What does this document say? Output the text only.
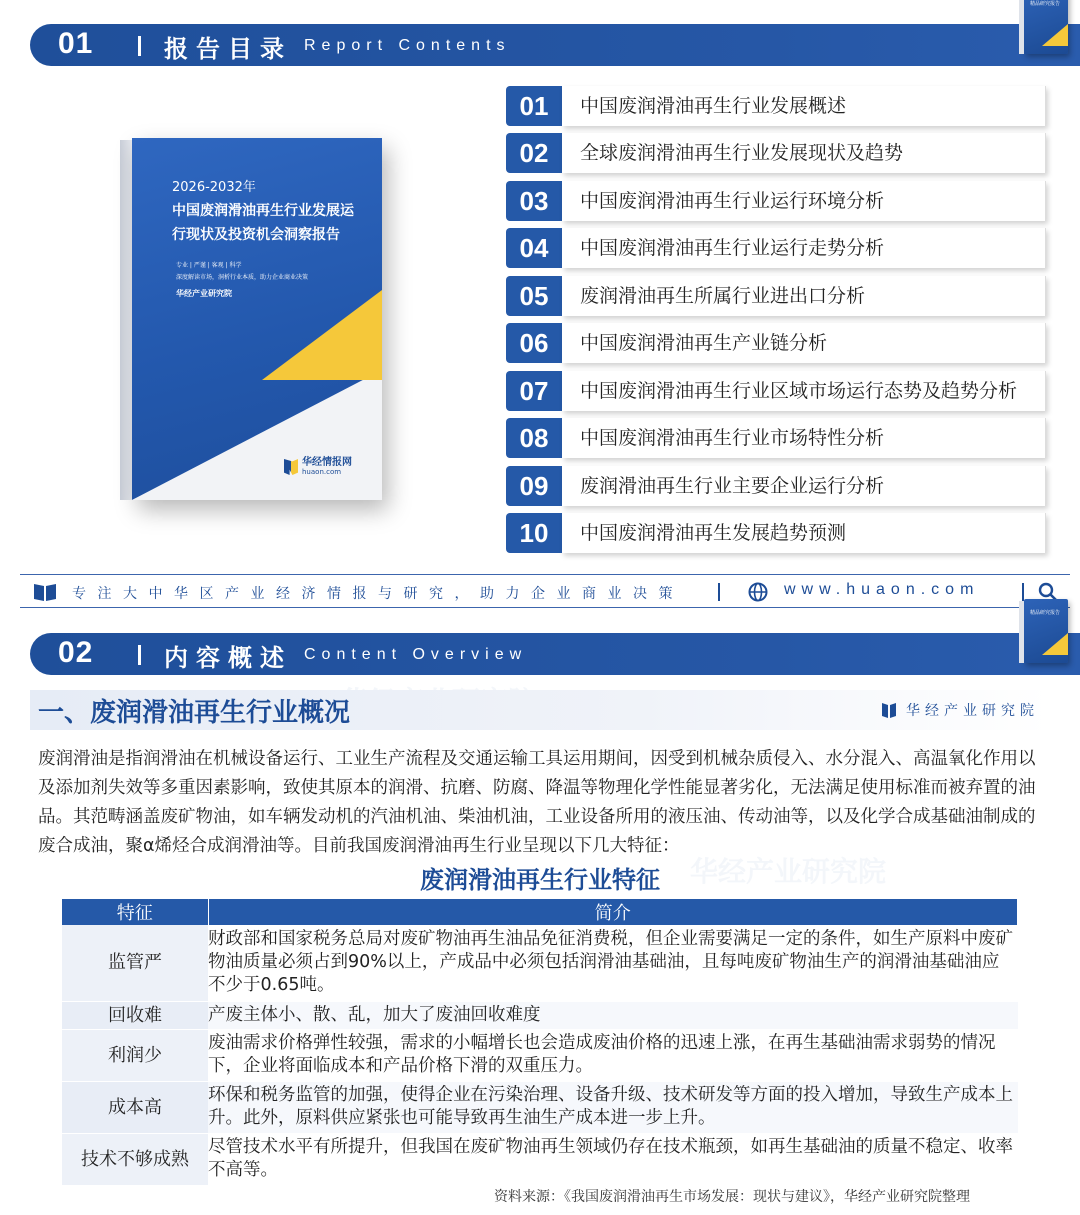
01	报告目录 Report Contents
精品研究报告
2026-2032年
中国废润滑油再生行业发展运
行现状及投资机会洞察报告
专业 | 严谨 | 客观 | 科学
深度解读市场，洞析行业本质，助力企业商业决策
华经产业研究院
华经情报网
huaon.com
01	中国废润滑油再生行业发展概述
02	全球废润滑油再生行业发展现状及趋势
03	中国废润滑油再生行业运行环境分析
04	中国废润滑油再生行业运行走势分析
05	废润滑油再生所属行业进出口分析
06	中国废润滑油再生产业链分析
07	中国废润滑油再生行业区域市场运行态势及趋势分析
08	中国废润滑油再生行业市场特性分析
09	废润滑油再生行业主要企业运行分析
10	中国废润滑油再生发展趋势预测
专注大中华区产业经济情报与研究，助力企业商业决策	www.huaon.com
02	内容概述 Content Overview
精品研究报告
华经产业研究院
一、废润滑油再生行业概况	华经产业研究院

废润滑油是指润滑油在机械设备运行、工业生产流程及交通运输工具运用期间，因受到机械杂质侵入、水分混入、高温氧化作用以及添加剂失效等多重因素影响，致使其原本的润滑、抗磨、防腐、降温等物理化学性能显著劣化，无法满足使用标准而被弃置的油品。其范畴涵盖废矿物油，如车辆发动机的汽油机油、柴油机油，工业设备所用的液压油、传动油等，以及化学合成基础油制成的废合成油，聚α烯烃合成润滑油等。目前我国废润滑油再生行业呈现以下几大特征：

废润滑油再生行业特征
特征	简介
监管严	财政部和国家税务总局对废矿物油再生油品免征消费税，但企业需要满足一定的条件，如生产原料中废矿物油质量必须占到90%以上，产成品中必须包括润滑油基础油，且每吨废矿物油生产的润滑油基础油应不少于0.65吨。
回收难	产废主体小、散、乱，加大了废油回收难度
利润少	废油需求价格弹性较强，需求的小幅增长也会造成废油价格的迅速上涨，在再生基础油需求弱势的情况下，企业将面临成本和产品价格下滑的双重压力。
成本高	环保和税务监管的加强，使得企业在污染治理、设备升级、技术研发等方面的投入增加，导致生产成本上升。此外，原料供应紧张也可能导致再生油生产成本进一步上升。
技术不够成熟	尽管技术水平有所提升，但我国在废矿物油再生领域仍存在技术瓶颈，如再生基础油的质量不稳定、收率不高等。
资料来源：《我国废润滑油再生市场发展：现状与建议》，华经产业研究院整理
